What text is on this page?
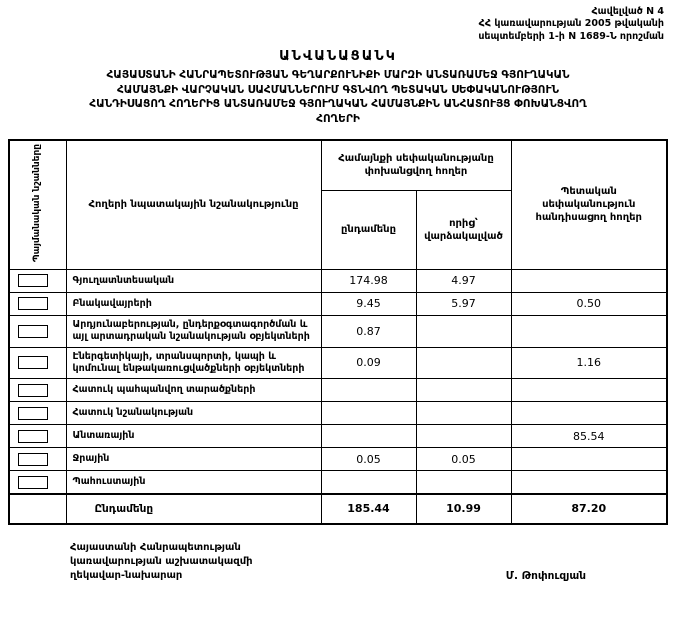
Հավելված N 4
ՀՀ կառավարության 2005 թվականի
սեպտեմբերի 1-ի N 1689-Ն որոշման
ԱՆՎԱՆԱՑԱՆԿ
ՀԱՅԱՍՏԱՆԻ ՀԱՆՐԱՊԵՏՈՒԹՅԱՆ ԳԵՂԱՐՔՈՒՆԻՔԻ ՄԱՐԶԻ ԱՆՏԱՌԱՄԵՋ ԳՅՈՒՂԱԿԱՆ
ՀԱՄԱՅՆՔԻ ՎԱՐՉԱԿԱՆ ՍԱՀՄԱՆՆԵՐՈՒՄ ԳՏՆՎՈՂ ՊԵՏԱԿԱՆ ՍԵՓԱԿԱՆՈՒԹՅՈՒՆ
ՀԱՆԴԻՍԱՑՈՂ ՀՈՂԵՐԻՑ ԱՆՏԱՌԱՄԵՋ ԳՅՈՒՂԱԿԱՆ ՀԱՄԱՅՆՔԻՆ ԱՆՀԱՏՈՒՅՑ ՓՈԽԱՆՑՎՈՂ
ՀՈՂԵՐԻ
Պայմանական նշանները	Հողերի նպատակային նշանակությունը	Համայնքի սեփականությանը փոխանցվող հողեր		Պետական սեփականություն հանդիսացող հողեր
		ընդամենը	որից՝ վարձակալված	

	Գյուղատնտեսական	174.98	4.97	

	Բնակավայրերի	9.45	5.97	0.50

	Արդյունաբերության, ընդերքօգտագործման և այլ արտադրական նշանակության օբյեկտների	0.87		

	Էներգետիկայի, տրանսպորտի, կապի և կոմունալ ենթակառուցվածքների օբյեկտների	0.09		1.16

	Հատուկ պահպանվող տարածքների			

	Հատուկ նշանակության			

	Անտառային			85.54

	Ջրային	0.05	0.05	

	Պահուստային			
	Ընդամենը	185.44	10.99	87.20
Հայաստանի Հանրապետության
կառավարության աշխատակազմի
ղեկավար-նախարար	Մ. Թոփուզյան
